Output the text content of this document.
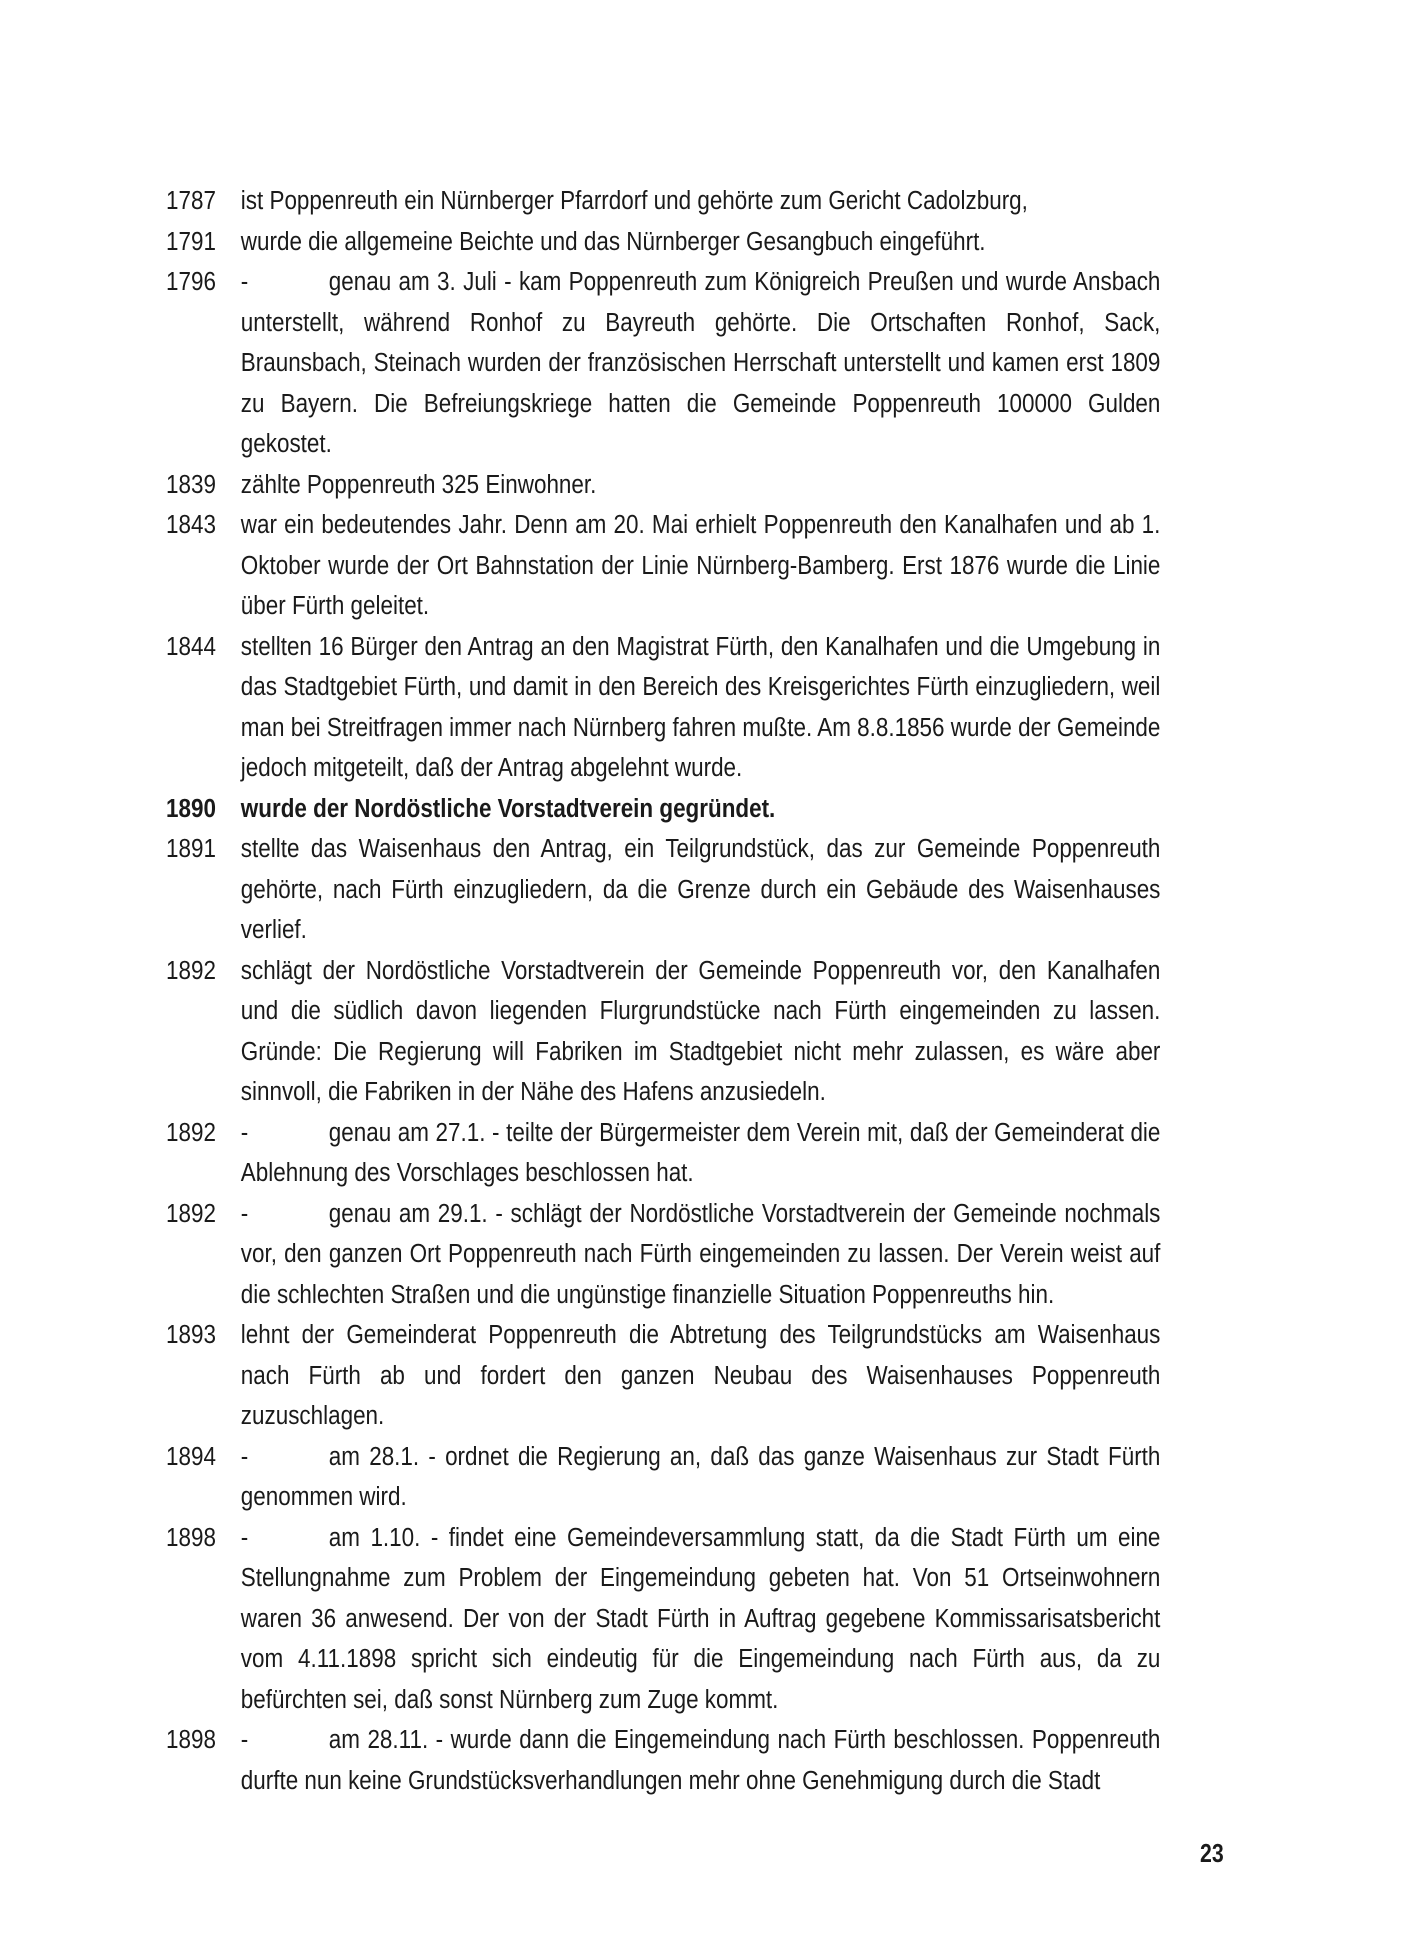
1787 ist Poppenreuth ein Nürnberger Pfarrdorf und gehörte zum Gericht Cadolzburg,
1791 wurde die allgemeine Beichte und das Nürnberger Gesangbuch eingeführt.
1796 -	genau am 3. Juli - kam Poppenreuth zum Königreich Preußen und wurde Ansbach unterstellt, während Ronhof zu Bayreuth gehörte. Die Ortschaften Ronhof, Sack, Braunsbach, Steinach wurden der französischen Herrschaft unterstellt und kamen erst 1809 zu Bayern. Die Befreiungskriege hatten die Gemeinde Poppenreuth 100000 Gulden gekostet.
1839 zählte Poppenreuth 325 Einwohner.
1843 war ein bedeutendes Jahr. Denn am 20. Mai erhielt Poppenreuth den Kanalhafen und ab 1. Oktober wurde der Ort Bahnstation der Linie Nürnberg-Bamberg. Erst 1876 wurde die Linie über Fürth geleitet.
1844 stellten 16 Bürger den Antrag an den Magistrat Fürth, den Kanalhafen und die Umgebung in das Stadtgebiet Fürth, und damit in den Bereich des Kreisgerichtes Fürth einzugliedern, weil man bei Streitfragen immer nach Nürnberg fahren mußte. Am 8.8.1856 wurde der Gemeinde jedoch mitgeteilt, daß der Antrag abgelehnt wurde.
1890 wurde der Nordöstliche Vorstadtverein gegründet.
1891 stellte das Waisenhaus den Antrag, ein Teilgrundstück, das zur Gemeinde Poppenreuth gehörte, nach Fürth einzugliedern, da die Grenze durch ein Gebäude des Waisenhauses verlief.
1892 schlägt der Nordöstliche Vorstadtverein der Gemeinde Poppenreuth vor, den Kanalhafen und die südlich davon liegenden Flurgrundstücke nach Fürth eingemeinden zu lassen. Gründe: Die Regierung will Fabriken im Stadtgebiet nicht mehr zulassen, es wäre aber sinnvoll, die Fabriken in der Nähe des Hafens anzusiedeln.
1892 -	genau am 27.1. - teilte der Bürgermeister dem Verein mit, daß der Gemeinderat die Ablehnung des Vorschlages beschlossen hat.
1892 -	genau am 29.1. - schlägt der Nordöstliche Vorstadtverein der Gemeinde nochmals vor, den ganzen Ort Poppenreuth nach Fürth eingemeinden zu lassen. Der Verein weist auf die schlechten Straßen und die ungünstige finanzielle Situation Poppenreuths hin.
1893 lehnt der Gemeinderat Poppenreuth die Abtretung des Teilgrundstücks am Waisenhaus nach Fürth ab und fordert den ganzen Neubau des Waisenhauses Poppenreuth zuzuschlagen.
1894 -	am 28.1. - ordnet die Regierung an, daß das ganze Waisenhaus zur Stadt Fürth genommen wird.
1898 -	am 1.10. - findet eine Gemeindeversammlung statt, da die Stadt Fürth um eine Stellungnahme zum Problem der Eingemeindung gebeten hat. Von 51 Ortseinwohnern waren 36 anwesend. Der von der Stadt Fürth in Auftrag gegebene Kommissarisatsbericht vom 4.11.1898 spricht sich eindeutig für die Eingemeindung nach Fürth aus, da zu befürchten sei, daß sonst Nürnberg zum Zuge kommt.
1898 -	am 28.11. - wurde dann die Eingemeindung nach Fürth beschlossen. Poppenreuth durfte nun keine Grundstücksverhandlungen mehr ohne Genehmigung durch die Stadt
23
